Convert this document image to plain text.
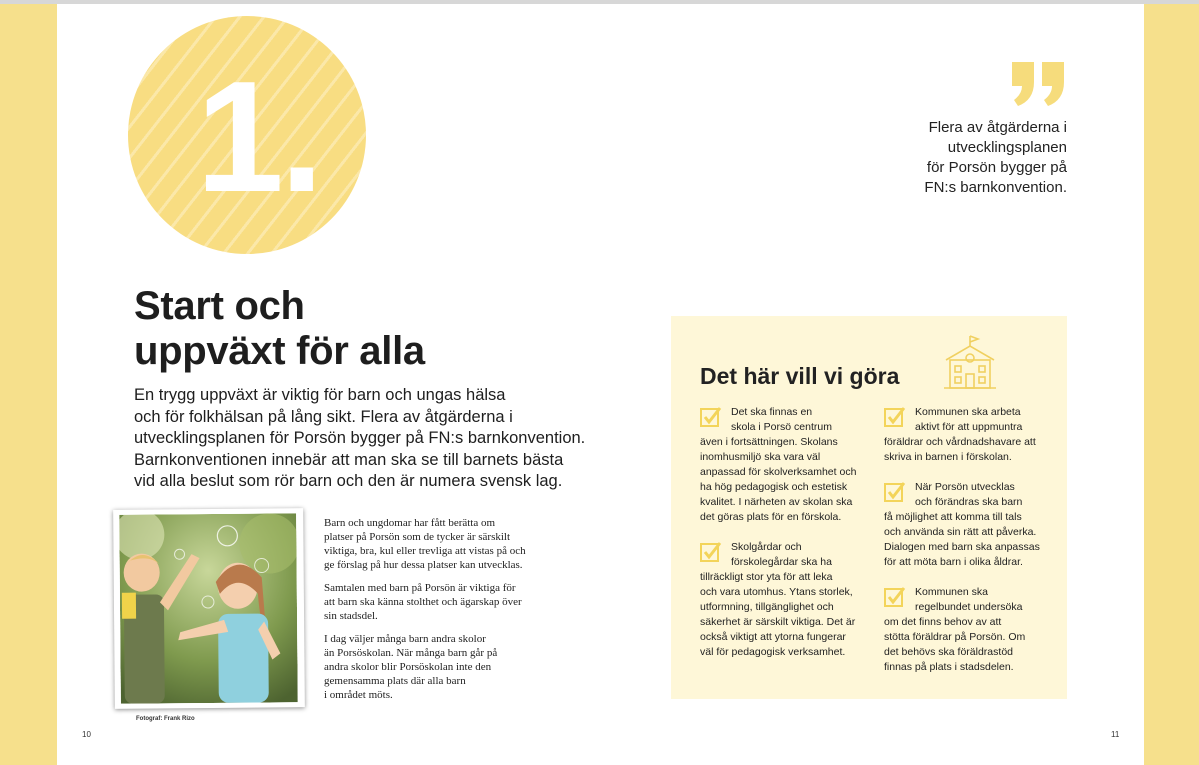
1.
Start och
uppväxt för alla

En trygg uppväxt är viktig för barn och ungas hälsa
och för folkhälsan på lång sikt. Flera av åtgärderna i
utvecklingsplanen för Porsön bygger på FN:s barnkonvention.
Barnkonventionen innebär att man ska se till barnets bästa
vid alla beslut som rör barn och den är numera svensk lag.

Fotograf: Frank Rizo

Barn och ungdomar har fått berätta om
platser på Porsön som de tycker är särskilt
viktiga, bra, kul eller trevliga att vistas på och
ge förslag på hur dessa platser kan utvecklas.

Samtalen med barn på Porsön är viktiga för
att barn ska känna stolthet och ägarskap över
sin stadsdel.

I dag väljer många barn andra skolor
än Porsöskolan. När många barn går på
andra skolor blir Porsöskolan inte den
gemensamma plats där alla barn
i området möts.

10
Flera av åtgärderna i
utvecklingsplanen
för Porsön bygger på
FN:s barnkonvention.
Det här vill vi göra
Det ska finnas en
skola i Porsö centrum
även i fortsättningen. Skolans
inomhusmiljö ska vara väl
anpassad för skolverksamhet och
ha hög pedagogisk och estetisk
kvalitet. I närheten av skolan ska
det göras plats för en förskola.
Skolgårdar och
förskolegårdar ska ha
tillräckligt stor yta för att leka
och vara utomhus. Ytans storlek,
utformning, tillgänglighet och
säkerhet är särskilt viktiga. Det är
också viktigt att ytorna fungerar
väl för pedagogisk verksamhet.
Kommunen ska arbeta
aktivt för att uppmuntra
föräldrar och vårdnadshavare att
skriva in barnen i förskolan.
När Porsön utvecklas
och förändras ska barn
få möjlighet att komma till tals
och använda sin rätt att påverka.
Dialogen med barn ska anpassas
för att möta barn i olika åldrar.
Kommunen ska
regelbundet undersöka
om det finns behov av att
stötta föräldrar på Porsön. Om
det behövs ska föräldrastöd
finnas på plats i stadsdelen.
11
